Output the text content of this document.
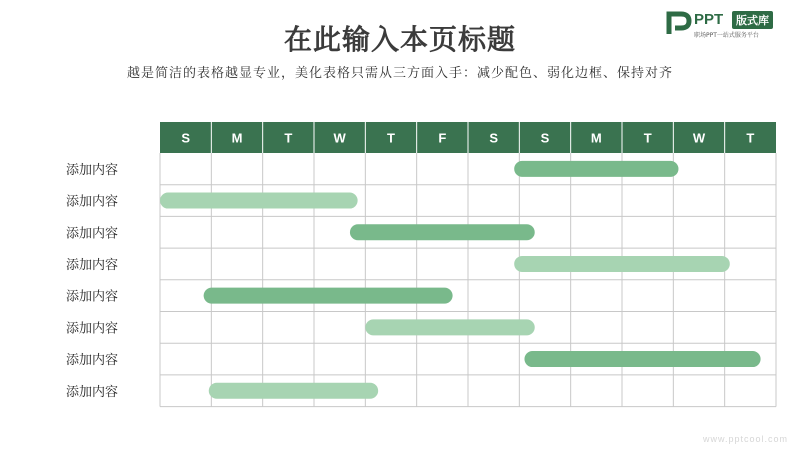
在此输入本页标题
越是简洁的表格越显专业，美化表格只需从三方面入手：减少配色、弱化边框、保持对齐
PPT	版式库
职场PPT一站式服务平台
S	M	T	W	T	F	S	S	M	T	W	T
添加内容
添加内容
添加内容
添加内容
添加内容
添加内容
添加内容
添加内容
www.pptcool.com
